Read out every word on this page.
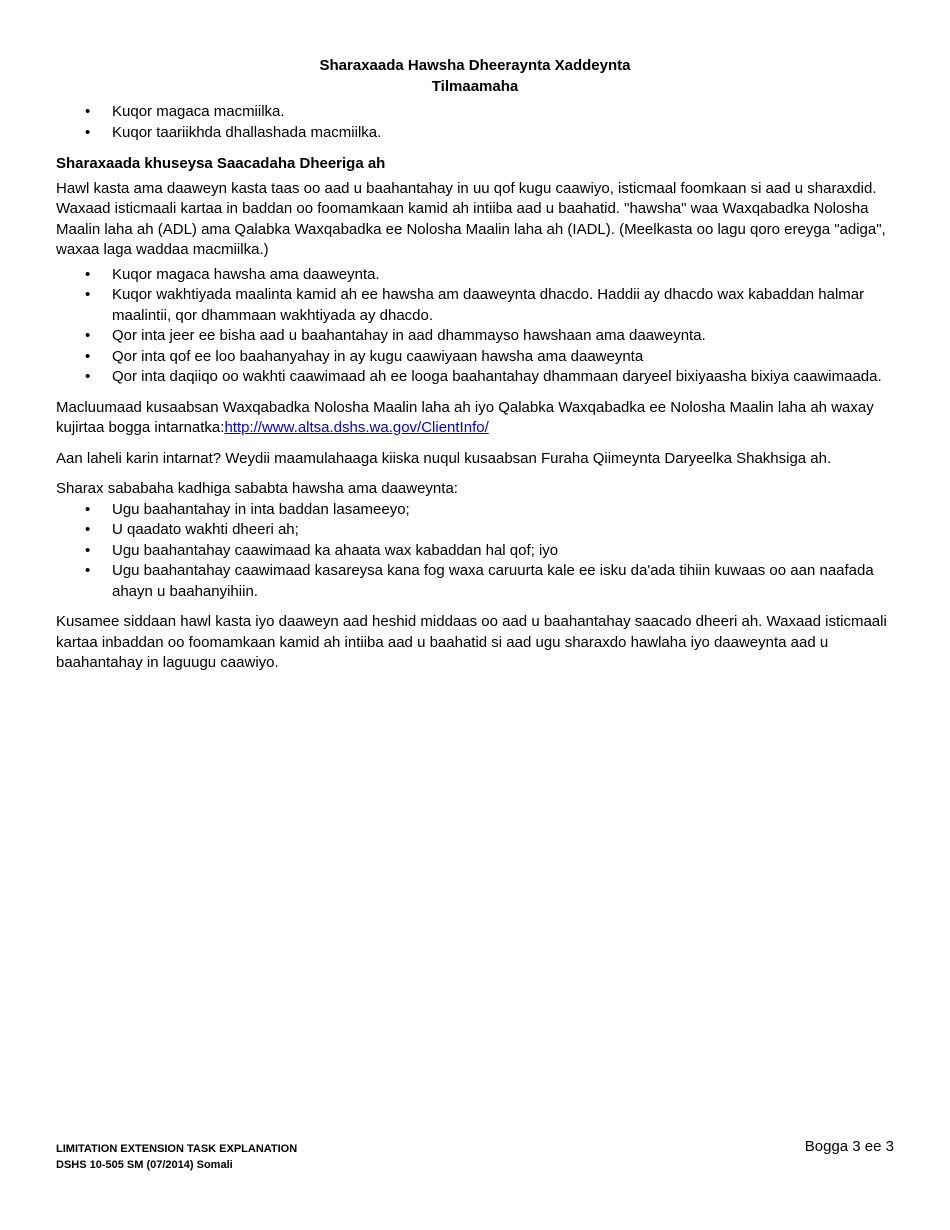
Sharaxaada Hawsha Dheeraynta Xaddeynta
Tilmaamaha
• Kuqor magaca macmiilka.
• Kuqor taariikhda dhallashada macmiilka.

Sharaxaada khuseysa Saacadaha Dheeriga ah

Hawl kasta ama daaweyn kasta taas oo aad u baahantahay in uu qof kugu caawiyo, isticmaal foomkaan si aad u sharaxdid. Waxaad isticmaali kartaa in baddan oo foomamkaan kamid ah intiiba aad u baahatid. "hawsha" waa Waxqabadka Nolosha Maalin laha ah (ADL) ama Qalabka Waxqabadka ee Nolosha Maalin laha ah (IADL). (Meelkasta oo lagu qoro ereyga "adiga", waxaa laga waddaa macmiilka.)

• Kuqor magaca hawsha ama daaweynta.
• Kuqor wakhtiyada maalinta kamid ah ee hawsha am daaweynta dhacdo. Haddii ay dhacdo wax kabaddan halmar maalintii, qor dhammaan wakhtiyada ay dhacdo.
• Qor inta jeer ee bisha aad u baahantahay in aad dhammayso hawshaan ama daaweynta.
• Qor inta qof ee loo baahanyahay in ay kugu caawiyaan hawsha ama daaweynta
• Qor inta daqiiqo oo wakhti caawimaad ah ee looga baahantahay dhammaan daryeel bixiyaasha bixiya caawimaada.

Macluumaad kusaabsan Waxqabadka Nolosha Maalin laha ah iyo Qalabka Waxqabadka ee Nolosha Maalin laha ah waxay kujirtaa bogga intarnatka:http://www.altsa.dshs.wa.gov/ClientInfo/

Aan laheli karin intarnat? Weydii maamulahaaga kiiska nuqul kusaabsan Furaha Qiimeynta Daryeelka Shakhsiga ah.

Sharax sababaha kadhiga sababta hawsha ama daaweynta:

• Ugu baahantahay in inta baddan lasameeyo;
• U qaadato wakhti dheeri ah;
• Ugu baahantahay caawimaad ka ahaata wax kabaddan hal qof; iyo
• Ugu baahantahay caawimaad kasareysa kana fog waxa caruurta kale ee isku da'ada tihiin kuwaas oo aan naafada ahayn u baahanyihiin.

Kusamee siddaan hawl kasta iyo daaweyn aad heshid middaas oo aad u baahantahay saacado dheeri ah. Waxaad isticmaali kartaa inbaddan oo foomamkaan kamid ah intiiba aad u baahatid si aad ugu sharaxdo hawlaha iyo daaweynta aad u baahantahay in laguugu caawiyo.

LIMITATION EXTENSION TASK EXPLANATION
DSHS 10-505 SM (07/2014) Somali
Bogga 3 ee 3
